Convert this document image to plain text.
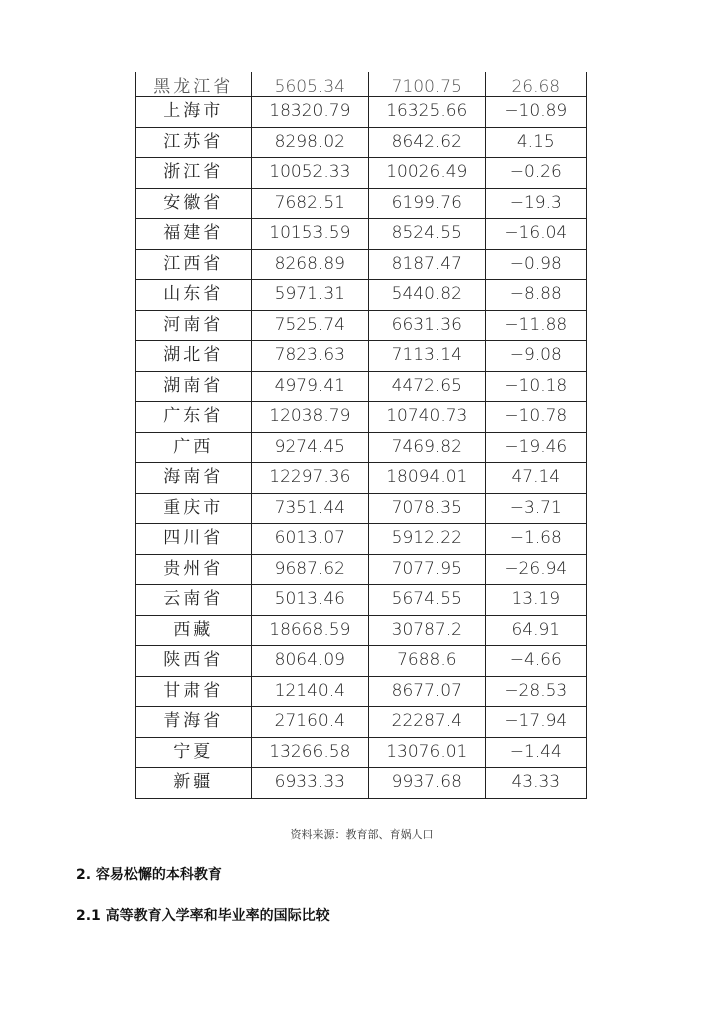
黑龙江省	5605.34	7100.75	26.68
上海市	18320.79	16325.66	−10.89
江苏省	8298.02	8642.62	4.15
浙江省	10052.33	10026.49	−0.26
安徽省	7682.51	6199.76	−19.3
福建省	10153.59	8524.55	−16.04
江西省	8268.89	8187.47	−0.98
山东省	5971.31	5440.82	−8.88
河南省	7525.74	6631.36	−11.88
湖北省	7823.63	7113.14	−9.08
湖南省	4979.41	4472.65	−10.18
广东省	12038.79	10740.73	−10.78
广西	9274.45	7469.82	−19.46
海南省	12297.36	18094.01	47.14
重庆市	7351.44	7078.35	−3.71
四川省	6013.07	5912.22	−1.68
贵州省	9687.62	7077.95	−26.94
云南省	5013.46	5674.55	13.19
西藏	18668.59	30787.2	64.91
陕西省	8064.09	7688.6	−4.66
甘肃省	12140.4	8677.07	−28.53
青海省	27160.4	22287.4	−17.94
宁夏	13266.58	13076.01	−1.44
新疆	6933.33	9937.68	43.33
资料来源：教育部、育娲人口
2. 容易松懈的本科教育
2.1 高等教育入学率和毕业率的国际比较
